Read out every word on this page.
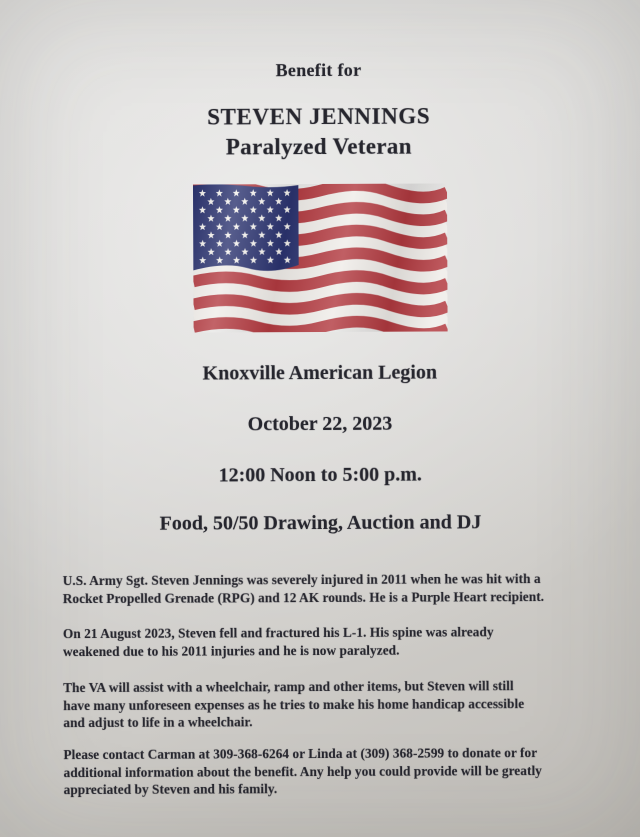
Benefit for
STEVEN JENNINGS
Paralyzed Veteran
Knoxville American Legion
October 22, 2023
12:00 Noon to 5:00 p.m.
Food, 50/50 Drawing, Auction and DJ
U.S. Army Sgt. Steven Jennings was severely injured in 2011 when he was hit with a
Rocket Propelled Grenade (RPG) and 12 AK rounds. He is a Purple Heart recipient.
On 21 August 2023, Steven fell and fractured his L-1. His spine was already
weakened due to his 2011 injuries and he is now paralyzed.
The VA will assist with a wheelchair, ramp and other items, but Steven will still
have many unforeseen expenses as he tries to make his home handicap accessible
and adjust to life in a wheelchair.
Please contact Carman at 309-368-6264 or Linda at (309) 368-2599 to donate or for
additional information about the benefit. Any help you could provide will be greatly
appreciated by Steven and his family.
